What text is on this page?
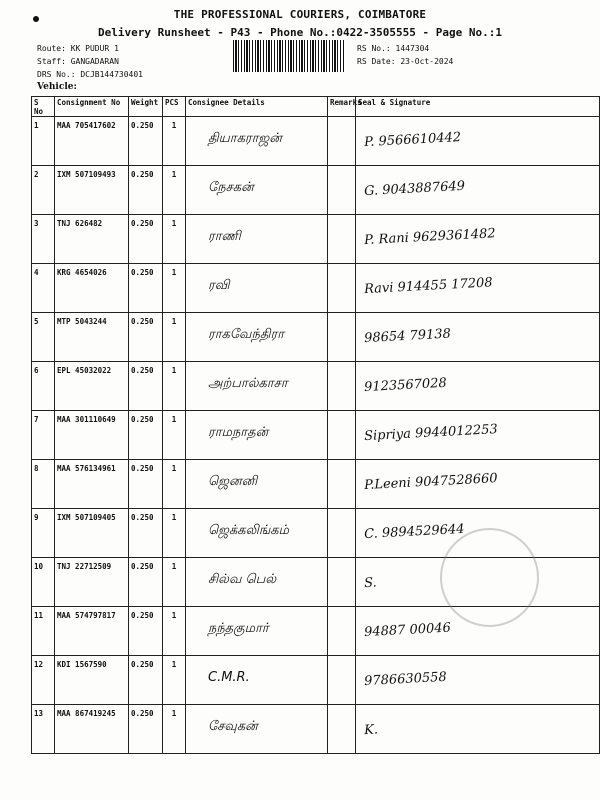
THE PROFESSIONAL COURIERS, COIMBATORE
Delivery Runsheet - P43 - Phone No.:0422-3505555 - Page No.:1
Route: KK PUDUR 1
Staff: GANGADARAN
DRS No.: DCJB144730401
Vehicle:
RS No.: 1447304
RS Date: 23-Oct-2024
S No	Consignment No	Weight	PCS	Consignee Details	Remarks	Seal & Signature
1	MAA 705417602	0.250	1	தியாகராஜன்		P. 9566610442

2	IXM 507109493	0.250	1	நேசகன்		G. 9043887649

3	TNJ 626482	0.250	1	ராணி		P. Rani 9629361482

4	KRG 4654026	0.250	1	ரவி		Ravi 914455 17208

5	MTP 5043244	0.250	1	ராகவேந்திரா		98654 79138

6	EPL 45032022	0.250	1	அற்பால்காசா		9123567028

7	MAA 301110649	0.250	1	ராமநாதன்		Sipriya 9944012253

8	MAA 576134961	0.250	1	ஜெனனி		P.Leeni 9047528660

9	IXM 507109405	0.250	1	ஜெக்கலிங்கம்		C. 9894529644

10	TNJ 22712509	0.250	1	சில்வ பெல்		S.

11	MAA 574797817	0.250	1	நந்தகுமார்		94887 00046

12	KDI 1567590	0.250	1	C.M.R.		9786630558

13	MAA 867419245	0.250	1	சேவுகன்		K.
